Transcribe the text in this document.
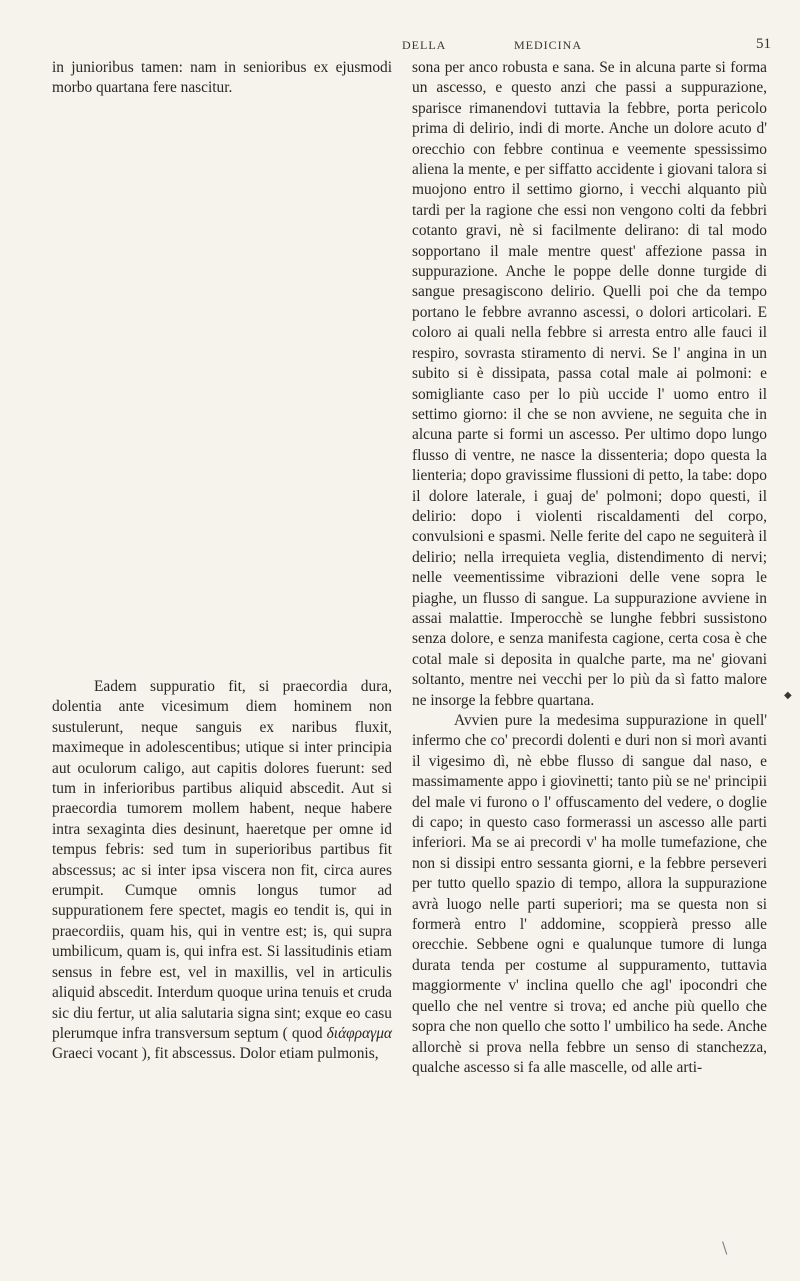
DELLA	MEDICINA	51

in junioribus tamen: nam in senioribus ex ejusmodi morbo quartana fere nascitur.

Eadem suppuratio fit, si praecordia dura, dolentia ante vicesimum diem hominem non sustulerunt, neque sanguis ex naribus fluxit, maximeque in adolescentibus; utique si inter principia aut oculorum caligo, aut capitis dolores fuerunt: sed tum in inferioribus partibus aliquid abscedit. Aut si praecordia tumorem mollem habent, neque habere intra sexaginta dies desinunt, haeretque per omne id tempus febris: sed tum in superioribus partibus fit abscessus; ac si inter ipsa viscera non fit, circa aures erumpit. Cumque omnis longus tumor ad suppurationem fere spectet, magis eo tendit is, qui in praecordiis, quam his, qui in ventre est; is, qui supra umbilicum, quam is, qui infra est. Si lassitudinis etiam sensus in febre est, vel in maxillis, vel in articulis aliquid abscedit. Interdum quoque urina tenuis et cruda sic diu fertur, ut alia salutaria signa sint; exque eo casu plerumque infra transversum septum ( quod διάφραγμα Graeci vocant ), fit abscessus. Dolor etiam pulmonis,

sona per anco robusta e sana. Se in alcuna parte si forma un ascesso, e questo anzi che passi a suppurazione, sparisce rimanendovi tuttavia la febbre, porta pericolo prima di delirio, indi di morte. Anche un dolore acuto d' orecchio con febbre continua e veemente spessissimo aliena la mente, e per siffatto accidente i giovani talora si muojono entro il settimo giorno, i vecchi alquanto più tardi per la ragione che essi non vengono colti da febbri cotanto gravi, nè si facilmente delirano: di tal modo sopportano il male mentre quest' affezione passa in suppurazione. Anche le poppe delle donne turgide di sangue presagiscono delirio. Quelli poi che da tempo portano le febbre avranno ascessi, o dolori articolari. E coloro ai quali nella febbre si arresta entro alle fauci il respiro, sovrasta stiramento di nervi. Se l' angina in un subito si è dissipata, passa cotal male ai polmoni: e somigliante caso per lo più uccide l' uomo entro il settimo giorno: il che se non avviene, ne seguita che in alcuna parte si formi un ascesso. Per ultimo dopo lungo flusso di ventre, ne nasce la dissenteria; dopo questa la lienteria; dopo gravissime flussioni di petto, la tabe: dopo il dolore laterale, i guaj de' polmoni; dopo questi, il delirio: dopo i violenti riscaldamenti del corpo, convulsioni e spasmi. Nelle ferite del capo ne seguiterà il delirio; nella irrequieta veglia, distendimento di nervi; nelle veementissime vibrazioni delle vene sopra le piaghe, un flusso di sangue. La suppurazione avviene in assai malattie. Imperocchè se lunghe febbri sussistono senza dolore, e senza manifesta cagione, certa cosa è che cotal male si deposita in qualche parte, ma ne' giovani soltanto, mentre nei vecchi per lo più da sì fatto malore ne insorge la febbre quartana.

Avvien pure la medesima suppurazione in quell' infermo che co' precordi dolenti e duri non si morì avanti il vigesimo dì, nè ebbe flusso di sangue dal naso, e massimamente appo i giovinetti; tanto più se ne' principii del male vi furono o l' offuscamento del vedere, o doglie di capo; in questo caso formerassi un ascesso alle parti inferiori. Ma se ai precordi v' ha molle tumefazione, che non si dissipi entro sessanta giorni, e la febbre perseveri per tutto quello spazio di tempo, allora la suppurazione avrà luogo nelle parti superiori; ma se questa non si formerà entro l' addomine, scoppierà presso alle orecchie. Sebbene ogni e qualunque tumore di lunga durata tenda per costume al suppuramento, tuttavia maggiormente v' inclina quello che agl' ipocondri che quello che nel ventre si trova; ed anche più quello che sopra che non quello che sotto l' umbilico ha sede. Anche allorchè si prova nella febbre un senso di stanchezza, qualche ascesso si fa alle mascelle, od alle arti-

◆
\
